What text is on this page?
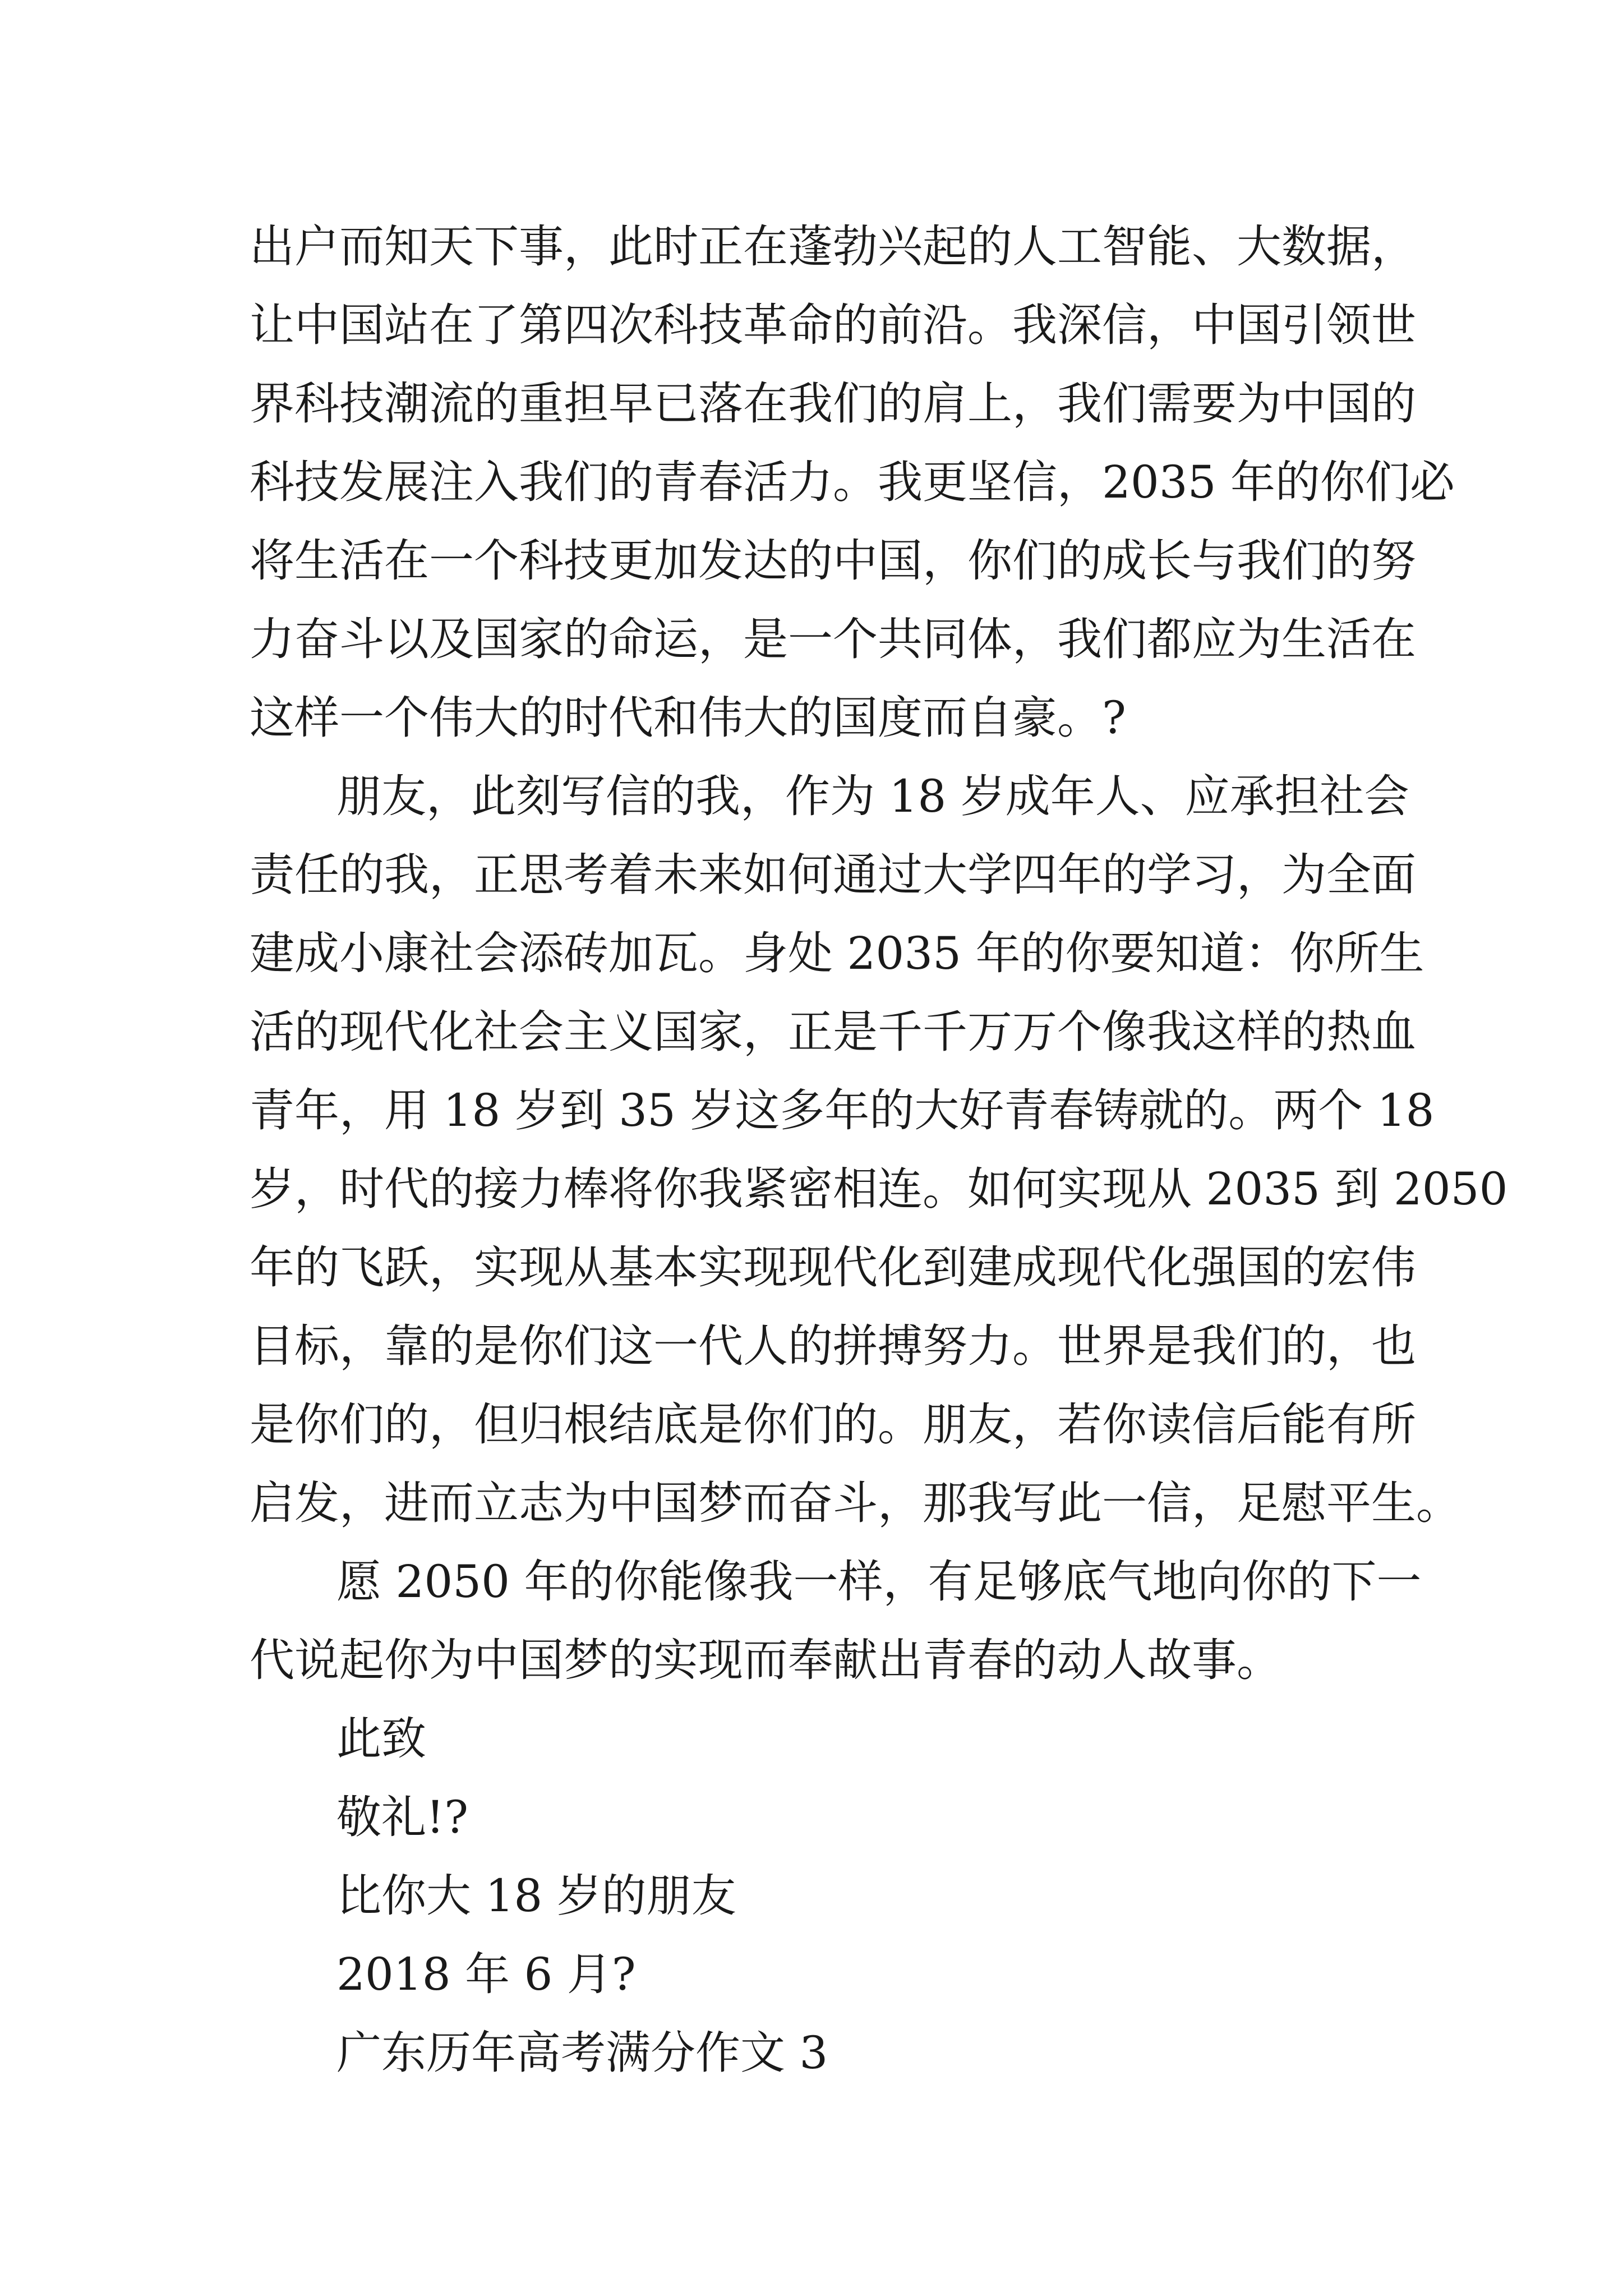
出户而知天下事，此时正在蓬勃兴起的人工智能、大数据，
让中国站在了第四次科技革命的前沿。我深信，中国引领世
界科技潮流的重担早已落在我们的肩上，我们需要为中国的
科技发展注入我们的青春活力。我更坚信，2035 年的你们必
将生活在一个科技更加发达的中国，你们的成长与我们的努
力奋斗以及国家的命运，是一个共同体，我们都应为生活在
这样一个伟大的时代和伟大的国度而自豪。?
朋友，此刻写信的我，作为 18 岁成年人、应承担社会
责任的我，正思考着未来如何通过大学四年的学习，为全面
建成小康社会添砖加瓦。身处 2035 年的你要知道：你所生
活的现代化社会主义国家，正是千千万万个像我这样的热血
青年，用 18 岁到 35 岁这多年的大好青春铸就的。两个 18
岁，时代的接力棒将你我紧密相连。如何实现从 2035 到 2050
年的飞跃，实现从基本实现现代化到建成现代化强国的宏伟
目标，靠的是你们这一代人的拼搏努力。世界是我们的，也
是你们的，但归根结底是你们的。朋友，若你读信后能有所
启发，进而立志为中国梦而奋斗，那我写此一信，足慰平生。
愿 2050 年的你能像我一样，有足够底气地向你的下一
代说起你为中国梦的实现而奉献出青春的动人故事。
此致
敬礼!?
比你大 18 岁的朋友
2018 年 6 月?
广东历年高考满分作文 3
